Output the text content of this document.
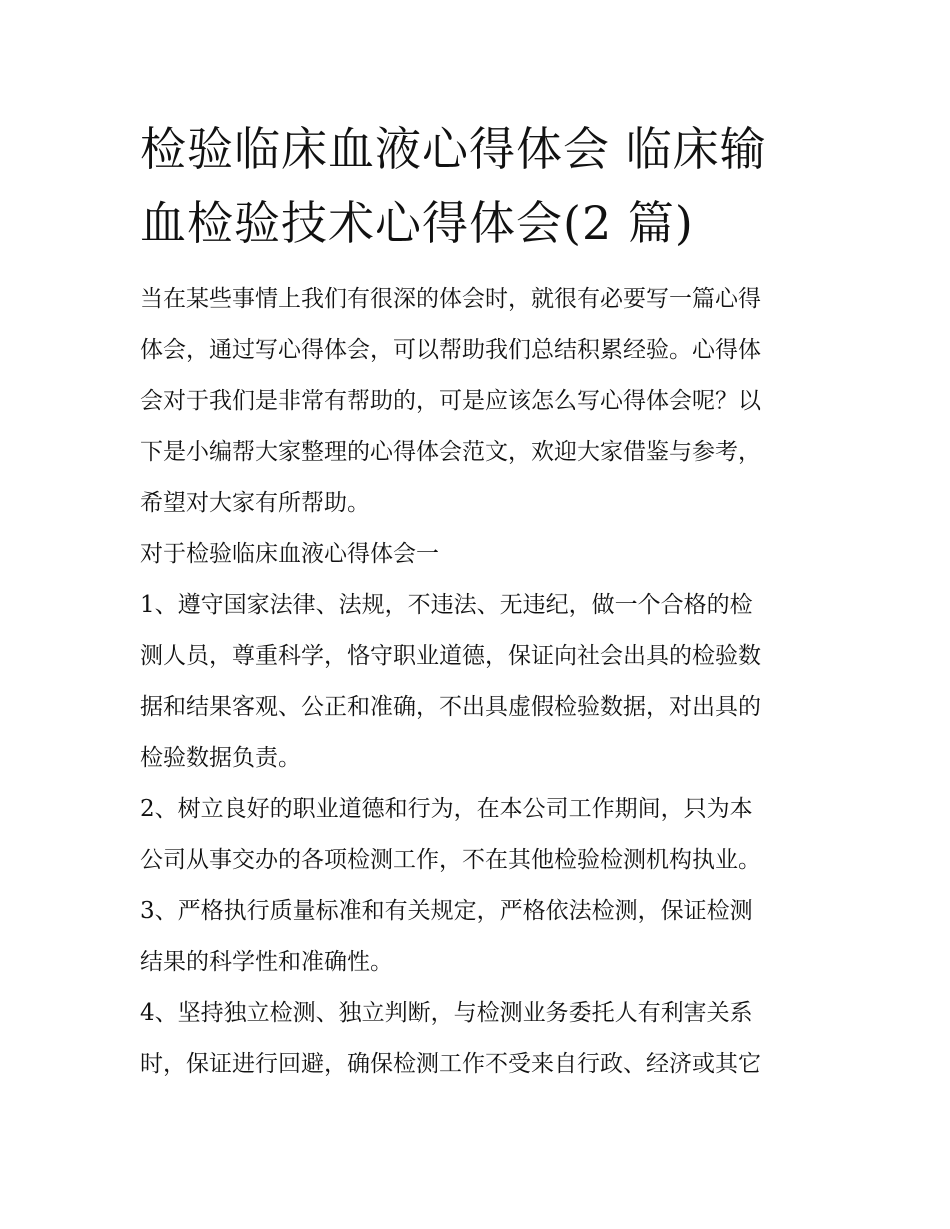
检验临床血液心得体会 临床输
血检验技术心得体会(2 篇)

当在某些事情上我们有很深的体会时，就很有必要写一篇心得
体会，通过写心得体会，可以帮助我们总结积累经验。心得体
会对于我们是非常有帮助的，可是应该怎么写心得体会呢？以
下是小编帮大家整理的心得体会范文，欢迎大家借鉴与参考，
希望对大家有所帮助。

对于检验临床血液心得体会一

1、遵守国家法律、法规，不违法、无违纪，做一个合格的检
测人员，尊重科学，恪守职业道德，保证向社会出具的检验数
据和结果客观、公正和准确，不出具虚假检验数据，对出具的
检验数据负责。

2、树立良好的职业道德和行为，在本公司工作期间，只为本
公司从事交办的各项检测工作，不在其他检验检测机构执业。

3、严格执行质量标准和有关规定，严格依法检测，保证检测
结果的科学性和准确性。

4、坚持独立检测、独立判断，与检测业务委托人有利害关系
时，保证进行回避，确保检测工作不受来自行政、经济或其它
